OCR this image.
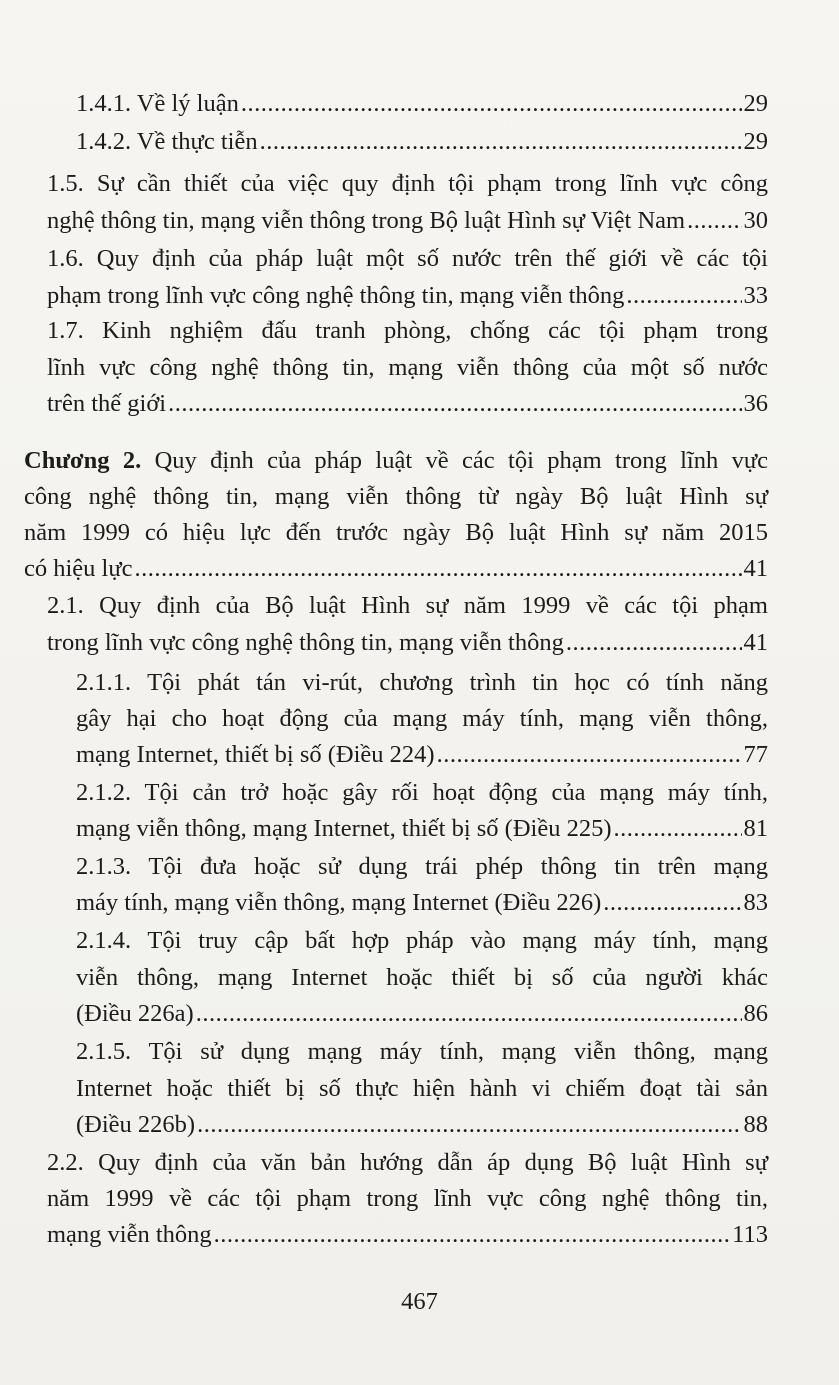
1.4.1. Về lý luận .....	29
1.4.2. Về thực tiễn .....	29
1.5. Sự cần thiết của việc quy định tội phạm trong lĩnh vực công
nghệ thông tin, mạng viễn thông trong Bộ luật Hình sự Việt Nam ..... 30
1.6. Quy định của pháp luật một số nước trên thế giới về các tội
phạm trong lĩnh vực công nghệ thông tin, mạng viễn thông .....	33
1.7. Kinh nghiệm đấu tranh phòng, chống các tội phạm trong
lĩnh vực công nghệ thông tin, mạng viễn thông của một số nước
trên thế giới .....	36
Chương 2. Quy định của pháp luật về các tội phạm trong lĩnh vực
công nghệ thông tin, mạng viễn thông từ ngày Bộ luật Hình sự
năm 1999 có hiệu lực đến trước ngày Bộ luật Hình sự năm 2015
có hiệu lực .....	41
2.1. Quy định của Bộ luật Hình sự năm 1999 về các tội phạm
trong lĩnh vực công nghệ thông tin, mạng viễn thông .....	41
2.1.1. Tội phát tán vi-rút, chương trình tin học có tính năng
gây hại cho hoạt động của mạng máy tính, mạng viễn thông,
mạng Internet, thiết bị số (Điều 224) .....	77
2.1.2. Tội cản trở hoặc gây rối hoạt động của mạng máy tính,
mạng viễn thông, mạng Internet, thiết bị số (Điều 225) .....	81
2.1.3. Tội đưa hoặc sử dụng trái phép thông tin trên mạng
máy tính, mạng viễn thông, mạng Internet (Điều 226) .....	83
2.1.4. Tội truy cập bất hợp pháp vào mạng máy tính, mạng
viễn thông, mạng Internet hoặc thiết bị số của người khác
(Điều 226a) .....	86
2.1.5. Tội sử dụng mạng máy tính, mạng viễn thông, mạng
Internet hoặc thiết bị số thực hiện hành vi chiếm đoạt tài sản
(Điều 226b) .....	88
2.2. Quy định của văn bản hướng dẫn áp dụng Bộ luật Hình sự
năm 1999 về các tội phạm trong lĩnh vực công nghệ thông tin,
mạng viễn thông .....	113
467
